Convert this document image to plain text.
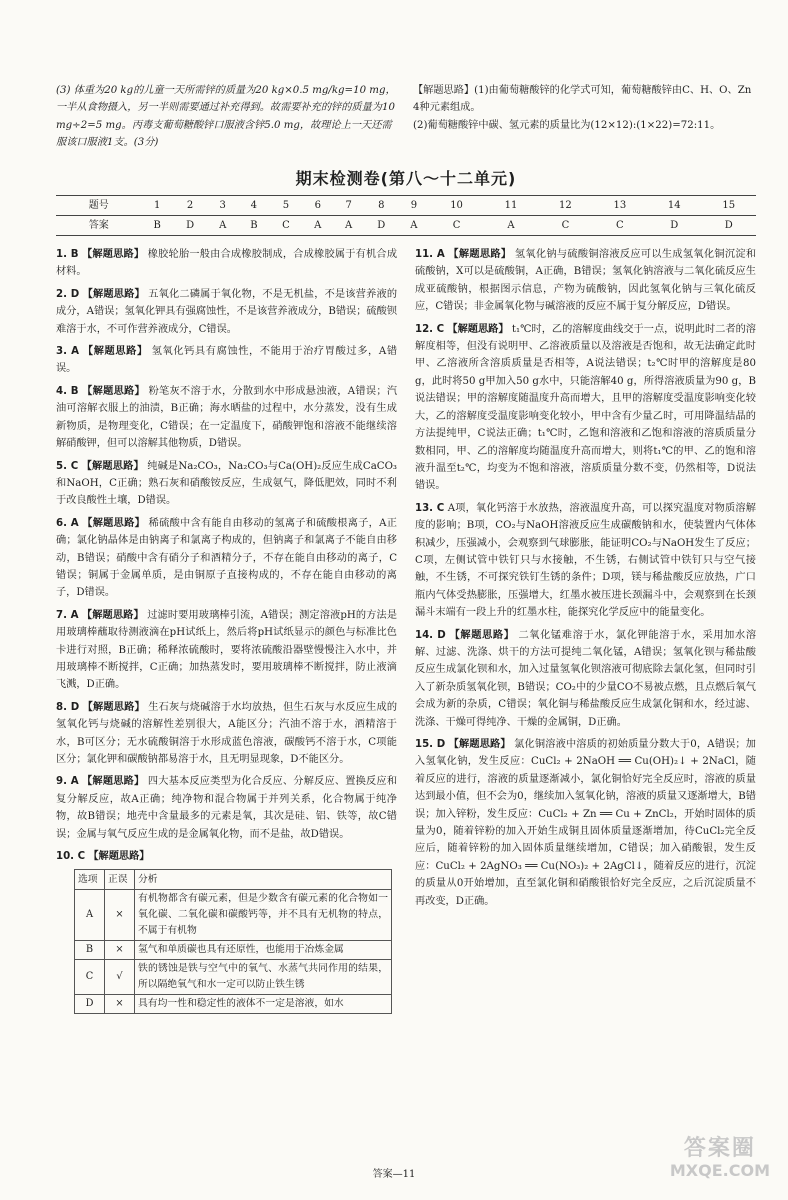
(3) 体重为20 kg的儿童一天所需锌的质量为20 kg×0.5 mg/kg=10 mg，一半从食物摄入，另一半则需要通过补充得到。故需要补充的锌的质量为10 mg÷2=5 mg。丙毒支葡萄糖酸锌口服液含锌5.0 mg，故理论上一天还需服该口服液1支。(3分)

【解题思路】(1)由葡萄糖酸锌的化学式可知，葡萄糖酸锌由C、H、O、Zn 4种元素组成。

(2)葡萄糖酸锌中碳、氢元素的质量比为(12×12):(1×22)=72:11。

期末检测卷(第八～十二单元)
题号	1	2	3	4	5	6	7	8	9	10	11	12	13	14	15
答案	B	D	A	B	C	A	A	D	A	C	A	C	C	D	D
1. B 【解题思路】 橡胶轮胎一般由合成橡胶制成，合成橡胶属于有机合成材料。
2. D 【解题思路】 五氧化二磷属于氧化物，不是无机盐，不是该营养液的成分，A错误；氢氧化钾具有强腐蚀性，不是该营养液成分，B错误；硫酸钡难溶于水，不可作营养液成分，C错误。
3. A 【解题思路】 氢氧化钙具有腐蚀性，不能用于治疗胃酸过多，A错误。
4. B 【解题思路】 粉笔灰不溶于水，分散到水中形成悬浊液，A错误；汽油可溶解衣服上的油渍，B正确；海水晒盐的过程中，水分蒸发，没有生成新物质，是物理变化，C错误；在一定温度下，硝酸钾饱和溶液不能继续溶解硝酸钾，但可以溶解其他物质，D错误。
5. C 【解题思路】 纯碱是Na₂CO₃，Na₂CO₃与Ca(OH)₂反应生成CaCO₃和NaOH，C正确；熟石灰和硝酸铵反应，生成氨气，降低肥效，同时不利于改良酸性土壤，D错误。
6. A 【解题思路】 稀硫酸中含有能自由移动的氢离子和硫酸根离子，A正确；氯化钠晶体是由钠离子和氯离子构成的，但钠离子和氯离子不能自由移动，B错误；硝酸中含有硝分子和酒精分子，不存在能自由移动的离子，C错误；铜属于金属单质，是由铜原子直接构成的，不存在能自由移动的离子，D错误。
7. A 【解题思路】 过滤时要用玻璃棒引流，A错误；测定溶液pH的方法是用玻璃棒蘸取待测液滴在pH试纸上，然后将pH试纸显示的颜色与标准比色卡进行对照，B正确；稀释浓硫酸时，要将浓硫酸沿器壁慢慢注入水中，并用玻璃棒不断搅拌，C正确；加热蒸发时，要用玻璃棒不断搅拌，防止液滴飞溅，D正确。
8. D 【解题思路】 生石灰与烧碱溶于水均放热，但生石灰与水反应生成的氢氧化钙与烧碱的溶解性差别很大，A能区分；汽油不溶于水，酒精溶于水，B可区分；无水硫酸铜溶于水形成蓝色溶液，碳酸钙不溶于水，C项能区分；氯化钾和碳酸钠都易溶于水，且无明显现象，D不能区分。
9. A 【解题思路】 四大基本反应类型为化合反应、分解反应、置换反应和复分解反应，故A正确；纯净物和混合物属于并列关系，化合物属于纯净物，故B错误；地壳中含量最多的元素是氧，其次是硅、铝、铁等，故C错误；金属与氧气反应生成的是金属氧化物，而不是盐，故D错误。
10. C 【解题思路】
选项	正误	分析
A	×	有机物都含有碳元素，但是少数含有碳元素的化合物如一氧化碳、二氧化碳和碳酸钙等，并不具有无机物的特点，不属于有机物
B	×	氢气和单质碳也具有还原性，也能用于冶炼金属
C	√	铁的锈蚀是铁与空气中的氧气、水蒸气共同作用的结果，所以隔绝氧气和水一定可以防止铁生锈
D	×	具有均一性和稳定性的液体不一定是溶液，如水
11. A 【解题思路】 氢氧化钠与硫酸铜溶液反应可以生成氢氧化铜沉淀和硫酸钠，X可以是硫酸铜，A正确，B错误；氢氧化钠溶液与二氧化硫反应生成亚硫酸钠，根据图示信息，产物为硫酸钠，因此氢氧化钠与三氧化硫反应，C错误；非金属氧化物与碱溶液的反应不属于复分解反应，D错误。
12. C 【解题思路】 t₁℃时，乙的溶解度曲线交于一点，说明此时二者的溶解度相等，但没有说明甲、乙溶液质量以及溶液是否饱和，故无法确定此时甲、乙溶液所含溶质质量是否相等，A说法错误；t₂℃时甲的溶解度是80 g，此时将50 g甲加入50 g水中，只能溶解40 g，所得溶液质量为90 g，B说法错误；甲的溶解度随温度升高而增大，且甲的溶解度受温度影响变化较大，乙的溶解度受温度影响变化较小，甲中含有少量乙时，可用降温结晶的方法提纯甲，C说法正确；t₁℃时，乙饱和溶液和乙饱和溶液的溶质质量分数相同，甲、乙的溶解度均随温度升高而增大，则将t₁℃的甲、乙的饱和溶液升温至t₂℃，均变为不饱和溶液，溶质质量分数不变，仍然相等，D说法错误。
13. C A项，氧化钙溶于水放热，溶液温度升高，可以探究温度对物质溶解度的影响；B项，CO₂与NaOH溶液反应生成碳酸钠和水，使装置内气体体积减少，压强减小，会观察到气球膨胀，能证明CO₂与NaOH发生了反应；C项，左侧试管中铁钉只与水接触，不生锈，右侧试管中铁钉只与空气接触，不生锈，不可探究铁钉生锈的条件；D项，镁与稀盐酸反应放热，广口瓶内气体受热膨胀，压强增大，红墨水被压进长颈漏斗中，会观察到在长颈漏斗末端有一段上升的红墨水柱，能探究化学反应中的能量变化。
14. D 【解题思路】 二氧化锰难溶于水，氯化钾能溶于水，采用加水溶解、过滤、洗涤、烘干的方法可提纯二氧化锰，A错误；氢氧化钡与稀盐酸反应生成氯化钡和水，加入过量氢氧化钡溶液可彻底除去氯化氢，但同时引入了新杂质氢氧化钡，B错误；CO₂中的少量CO不易被点燃，且点燃后氧气会成为新的杂质，C错误；氧化铜与稀盐酸反应生成氯化铜和水，经过滤、洗涤、干燥可得纯净、干燥的金属铜，D正确。
15. D 【解题思路】 氯化铜溶液中溶质的初始质量分数大于0，A错误；加入氢氧化钠，发生反应：CuCl₂ + 2NaOH ══ Cu(OH)₂↓ + 2NaCl，随着反应的进行，溶液的质量逐渐减小，氯化铜恰好完全反应时，溶液的质量达到最小值，但不会为0，继续加入氢氧化钠，溶液的质量又逐渐增大，B错误；加入锌粉，发生反应：CuCl₂ + Zn ══ Cu + ZnCl₂，开始时固体的质量为0，随着锌粉的加入开始生成铜且固体质量逐渐增加，待CuCl₂完全反应后，随着锌粉的加入固体质量继续增加，C错误；加入硝酸银，发生反应：CuCl₂ + 2AgNO₃ ══ Cu(NO₃)₂ + 2AgCl↓，随着反应的进行，沉淀的质量从0开始增加，直至氯化铜和硝酸银恰好完全反应，之后沉淀质量不再改变，D正确。
答案—11
答案圈
MXQE.COM
